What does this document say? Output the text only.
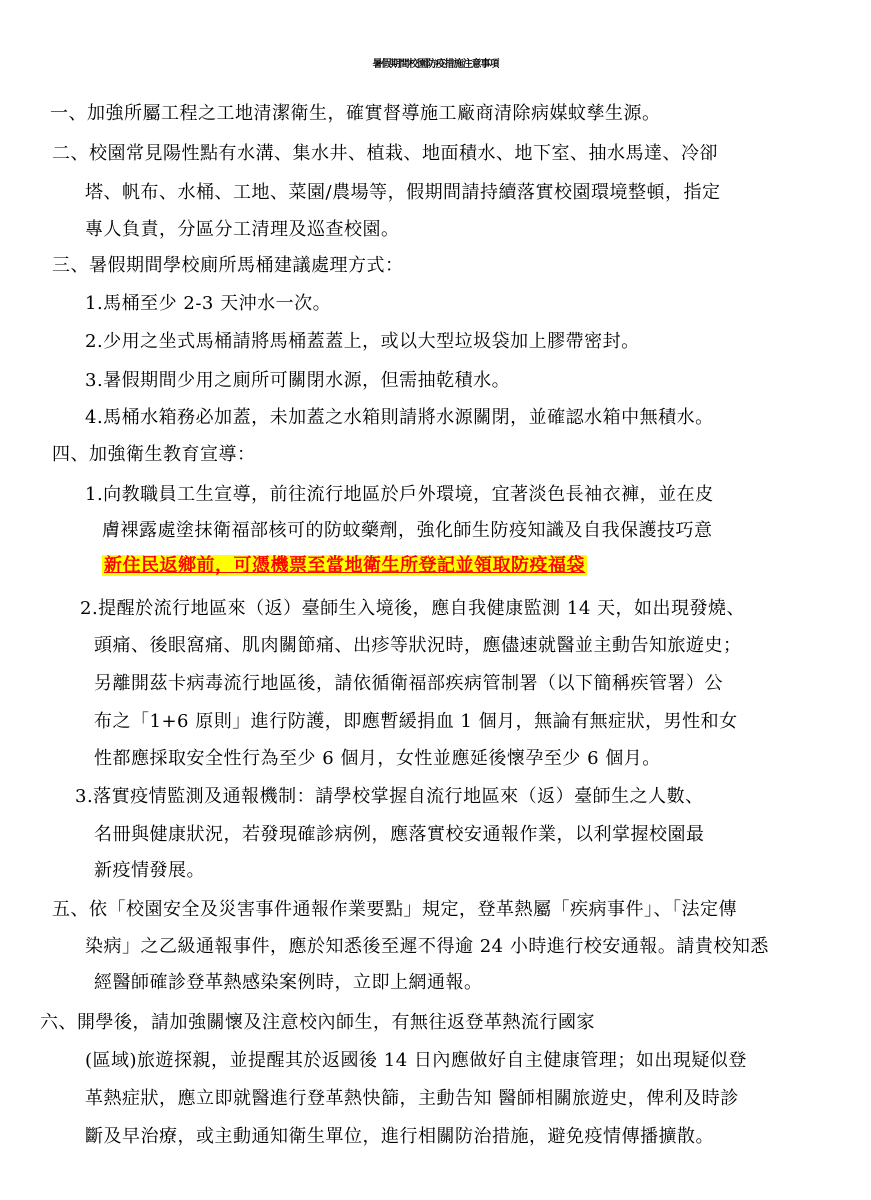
暑假期間校園防疫措施注意事項
一、加強所屬工程之工地清潔衛生，確實督導施工廠商清除病媒蚊孳生源。
二、校園常見陽性點有水溝、集水井、植栽、地面積水、地下室、抽水馬達、冷卻
塔、帆布、水桶、工地、菜園/農場等，假期間請持續落實校園環境整頓，指定
專人負責，分區分工清理及巡查校園。
三、暑假期間學校廁所馬桶建議處理方式：
1.馬桶至少 2-3 天沖水一次。
2.少用之坐式馬桶請將馬桶蓋蓋上，或以大型垃圾袋加上膠帶密封。
3.暑假期間少用之廁所可關閉水源，但需抽乾積水。
4.馬桶水箱務必加蓋，未加蓋之水箱則請將水源關閉，並確認水箱中無積水。
四、加強衛生教育宣導：
1.向教職員工生宣導，前往流行地區於戶外環境，宜著淡色長袖衣褲，並在皮
膚裸露處塗抹衛福部核可的防蚊藥劑，強化師生防疫知識及自我保護技巧意
新住民返鄉前，可憑機票至當地衛生所登記並領取防疫福袋
2.提醒於流行地區來（返）臺師生入境後，應自我健康監測 14 天，如出現發燒、
頭痛、後眼窩痛、肌肉關節痛、出疹等狀況時，應儘速就醫並主動告知旅遊史；
另離開茲卡病毒流行地區後，請依循衛福部疾病管制署（以下簡稱疾管署）公
布之「1+6 原則」進行防護，即應暫緩捐血 1 個月，無論有無症狀，男性和女
性都應採取安全性行為至少 6 個月，女性並應延後懷孕至少 6 個月。
3.落實疫情監測及通報機制：請學校掌握自流行地區來（返）臺師生之人數、
名冊與健康狀況，若發現確診病例，應落實校安通報作業，以利掌握校園最
新疫情發展。
五、依「校園安全及災害事件通報作業要點」規定，登革熱屬「疾病事件」、「法定傳
染病」之乙級通報事件，應於知悉後至遲不得逾 24 小時進行校安通報。請貴校知悉
經醫師確診登革熱感染案例時，立即上網通報。
六、開學後，請加強關懷及注意校內師生，有無往返登革熱流行國家
(區域)旅遊探親，並提醒其於返國後 14 日內應做好自主健康管理；如出現疑似登
革熱症狀，應立即就醫進行登革熱快篩，主動告知 醫師相關旅遊史，俾利及時診
斷及早治療，或主動通知衛生單位，進行相關防治措施，避免疫情傳播擴散。
